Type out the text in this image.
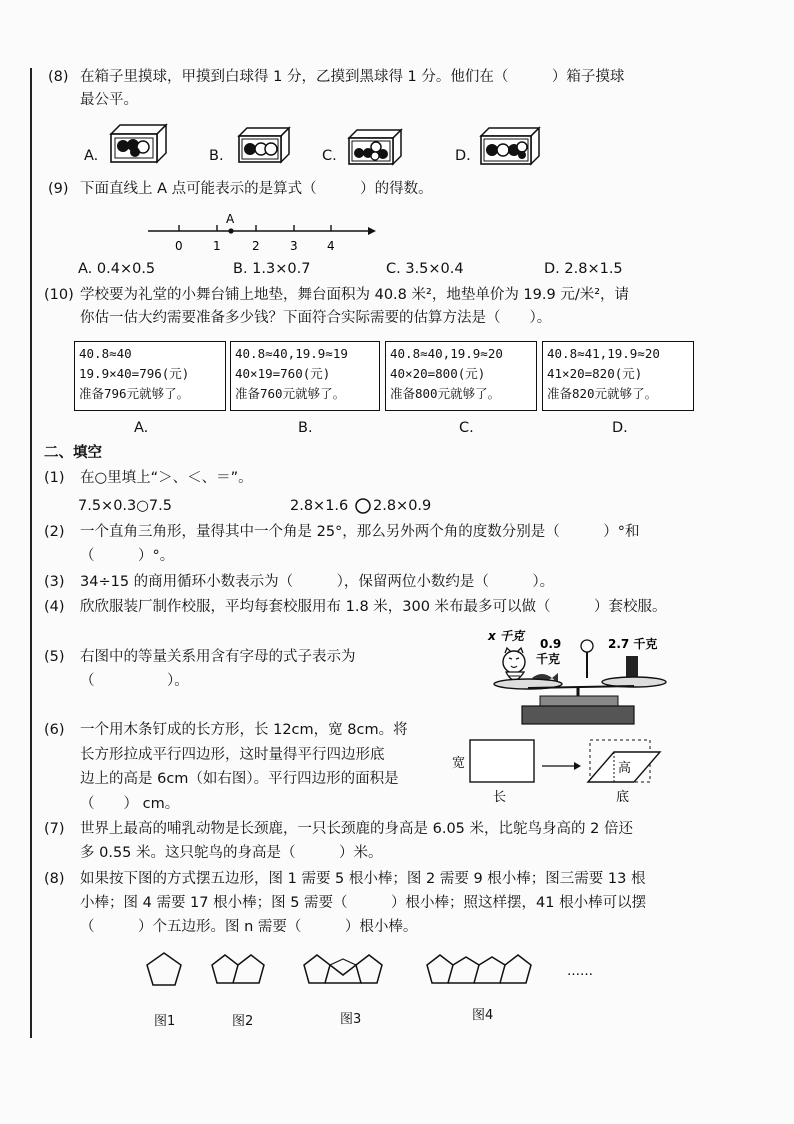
(8) 在箱子里摸球，甲摸到白球得 1 分，乙摸到黑球得 1 分。他们在（　　　）箱子摸球
最公平。
A.	B.	C.	D.
(9) 下面直线上 A 点可能表示的是算式（　　　）的得数。
A
0	1	2	3 4
A. 0.4×0.5	B. 1.3×0.7	C. 3.5×0.4	D. 2.8×1.5
(10) 学校要为礼堂的小舞台铺上地垫，舞台面积为 40.8 米²，地垫单价为 19.9 元/米²，请
你估一估大约需要准备多少钱？下面符合实际需要的估算方法是（　　）。
40.8≈40
19.9×40=796(元)
准备796元就够了。
40.8≈40,19.9≈19
40×19=760(元)
准备760元就够了。
40.8≈40,19.9≈20
40×20=800(元)
准备800元就够了。
40.8≈41,19.9≈20
41×20=820(元)
准备820元就够了。
A.	B.	C.	D.
二、填空
(1) 在○里填上“＞、＜、＝”。
7.5×0.3○7.5	2.8×1.6 2.8×0.9
(2) 一个直角三角形，量得其中一个角是 25°，那么另外两个角的度数分别是（　　　）°和
（　　　）°。
(3) 34÷15 的商用循环小数表示为（　　　），保留两位小数约是（　　　）。
(4) 欣欣服装厂制作校服，平均每套校服用布 1.8 米，300 米布最多可以做（　　　）套校服。
(5) 右图中的等量关系用含有字母的式子表示为
（　　　　　）。
x 千克
0.9
千克
2.7 千克
(6) 一个用木条钉成的长方形，长 12cm，宽 8cm。将
长方形拉成平行四边形，这时量得平行四边形底
边上的高是 6cm（如右图）。平行四边形的面积是
（　　） cm。
宽
长
高
底
(7) 世界上最高的哺乳动物是长颈鹿，一只长颈鹿的身高是 6.05 米，比鸵鸟身高的 2 倍还
多 0.55 米。这只鸵鸟的身高是（　　　）米。
(8) 如果按下图的方式摆五边形，图 1 需要 5 根小棒；图 2 需要 9 根小棒；图三需要 13 根
小棒；图 4 需要 17 根小棒；图 5 需要（　　　）根小棒；照这样摆，41 根小棒可以摆
（　　　）个五边形。图 n 需要（　　　）根小棒。
……
图1	图2	图3	图4
